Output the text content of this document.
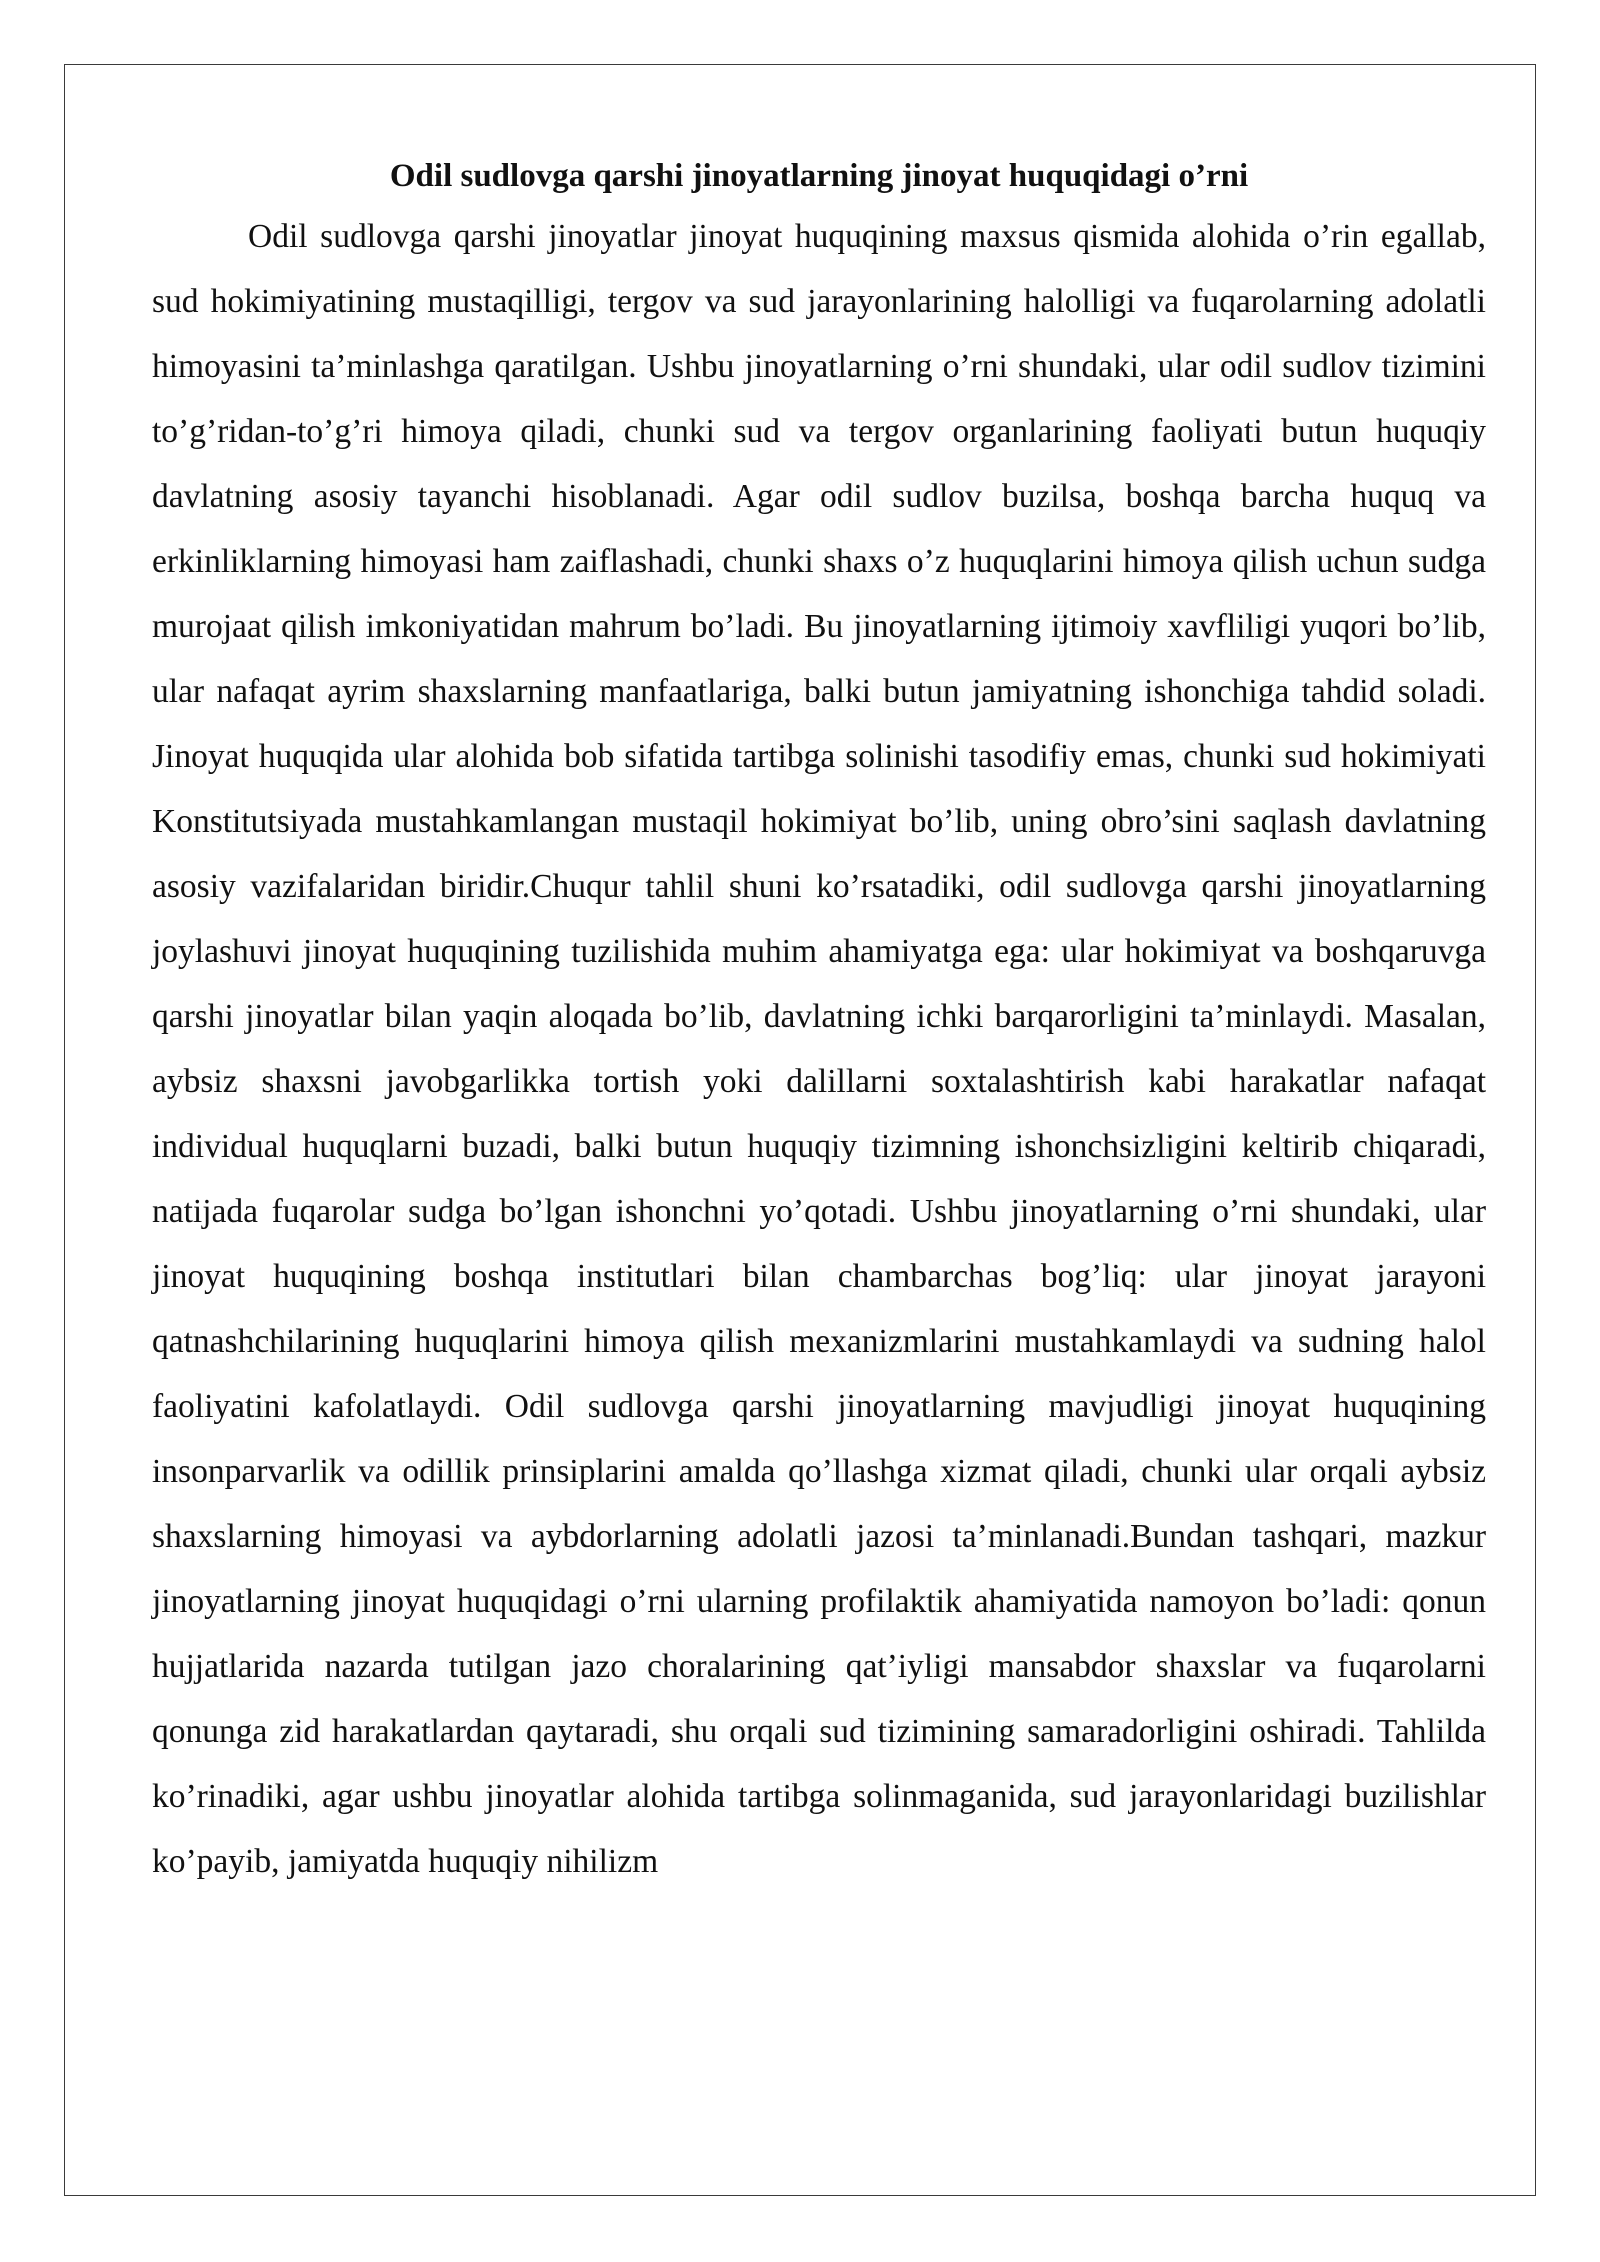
Odil sudlovga qarshi jinoyatlarning jinoyat huquqidagi o’rni

Odil sudlovga qarshi jinoyatlar jinoyat huquqining maxsus qismida alohida o’rin egallab, sud hokimiyatining mustaqilligi, tergov va sud jarayonlarining halolligi va fuqarolarning adolatli himoyasini ta’minlashga qaratilgan. Ushbu jinoyatlarning o’rni shundaki, ular odil sudlov tizimini to’g’ridan-to’g’ri himoya qiladi, chunki sud va tergov organlarining faoliyati butun huquqiy davlatning asosiy tayanchi hisoblanadi. Agar odil sudlov buzilsa, boshqa barcha huquq va erkinliklarning himoyasi ham zaiflashadi, chunki shaxs o’z huquqlarini himoya qilish uchun sudga murojaat qilish imkoniyatidan mahrum bo’ladi. Bu jinoyatlarning ijtimoiy xavfliligi yuqori bo’lib, ular nafaqat ayrim shaxslarning manfaatlariga, balki butun jamiyatning ishonchiga tahdid soladi. Jinoyat huquqida ular alohida bob sifatida tartibga solinishi tasodifiy emas, chunki sud hokimiyati Konstitutsiyada mustahkamlangan mustaqil hokimiyat bo’lib, uning obro’sini saqlash davlatning asosiy vazifalaridan biridir.Chuqur tahlil shuni ko’rsatadiki, odil sudlovga qarshi jinoyatlarning joylashuvi jinoyat huquqining tuzilishida muhim ahamiyatga ega: ular hokimiyat va boshqaruvga qarshi jinoyatlar bilan yaqin aloqada bo’lib, davlatning ichki barqarorligini ta’minlaydi. Masalan, aybsiz shaxsni javobgarlikka tortish yoki dalillarni soxtalashtirish kabi harakatlar nafaqat individual huquqlarni buzadi, balki butun huquqiy tizimning ishonchsizligini keltirib chiqaradi, natijada fuqarolar sudga bo’lgan ishonchni yo’qotadi. Ushbu jinoyatlarning o’rni shundaki, ular jinoyat huquqining boshqa institutlari bilan chambarchas bog’liq: ular jinoyat jarayoni qatnashchilarining huquqlarini himoya qilish mexanizmlarini mustahkamlaydi va sudning halol faoliyatini kafolatlaydi. Odil sudlovga qarshi jinoyatlarning mavjudligi jinoyat huquqining insonparvarlik va odillik prinsiplarini amalda qo’llashga xizmat qiladi, chunki ular orqali aybsiz shaxslarning himoyasi va aybdorlarning adolatli jazosi ta’minlanadi.Bundan tashqari, mazkur jinoyatlarning jinoyat huquqidagi o’rni ularning profilaktik ahamiyatida namoyon bo’ladi: qonun hujjatlarida nazarda tutilgan jazo choralarining qat’iyligi mansabdor shaxslar va fuqarolarni qonunga zid harakatlardan qaytaradi, shu orqali sud tizimining samaradorligini oshiradi. Tahlilda ko’rinadiki, agar ushbu jinoyatlar alohida tartibga solinmaganida, sud jarayonlaridagi buzilishlar ko’payib, jamiyatda huquqiy nihilizm
